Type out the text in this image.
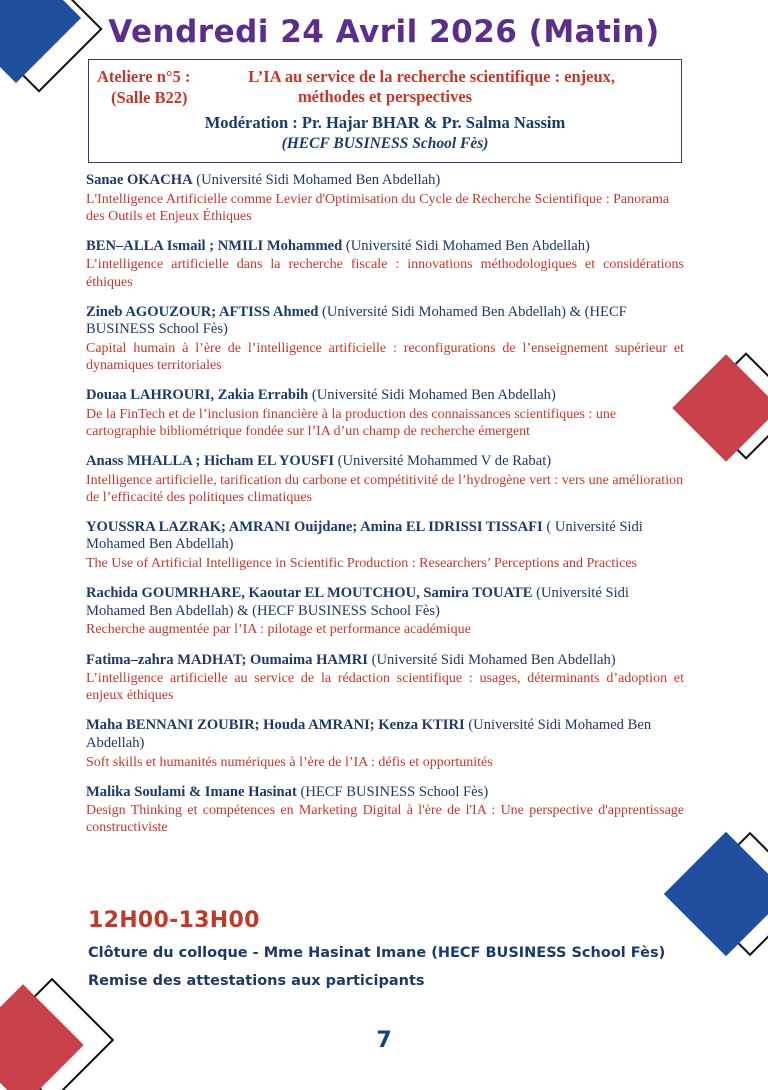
Vendredi 24 Avril 2026 (Matin)
Ateliere n°5 :	L’IA au service de la recherche scientifique : enjeux,
méthodes et perspectives
(Salle B22)
Modération : Pr. Hajar BHAR & Pr. Salma Nassim
(HECF BUSINESS School Fès)
Sanae OKACHA (Université Sidi Mohamed Ben Abdellah)
L'Intelligence Artificielle comme Levier d'Optimisation du Cycle de Recherche Scientifique : Panorama des Outils et Enjeux Éthiques
BEN–ALLA Ismail ; NMILI Mohammed (Université Sidi Mohamed Ben Abdellah)
L’intelligence artificielle dans la recherche fiscale : innovations méthodologiques et considérations éthiques
Zineb AGOUZOUR; AFTISS Ahmed (Université Sidi Mohamed Ben Abdellah) & (HECF BUSINESS School Fès)
Capital humain à l’ère de l’intelligence artificielle : reconfigurations de l’enseignement supérieur et dynamiques territoriales
Douaa LAHROURI, Zakia Errabih (Université Sidi Mohamed Ben Abdellah)
De la FinTech et de l’inclusion financière à la production des connaissances scientifiques : une cartographie bibliométrique fondée sur l’IA d’un champ de recherche émergent
Anass MHALLA ; Hicham EL YOUSFI (Université Mohammed V de Rabat)
Intelligence artificielle, tarification du carbone et compétitivité de l’hydrogène vert : vers une amélioration de l’efficacité des politiques climatiques
YOUSSRA LAZRAK; AMRANI Ouijdane; Amina EL IDRISSI TISSAFI ( Université Sidi Mohamed Ben Abdellah)
The Use of Artificial Intelligence in Scientific Production : Researchers’ Perceptions and Practices
Rachida GOUMRHARE, Kaoutar EL MOUTCHOU, Samira TOUATE (Université Sidi Mohamed Ben Abdellah) & (HECF BUSINESS School Fès)
Recherche augmentée par l’IA : pilotage et performance académique
Fatima–zahra MADHAT; Oumaima HAMRI (Université Sidi Mohamed Ben Abdellah)
L’intelligence artificielle au service de la rédaction scientifique : usages, déterminants d’adoption et enjeux éthiques
Maha BENNANI ZOUBIR; Houda AMRANI; Kenza KTIRI (Université Sidi Mohamed Ben Abdellah)
Soft skills et humanités numériques à l’ère de l’IA : défis et opportunités
Malika Soulami & Imane Hasinat (HECF BUSINESS School Fès)
Design Thinking et compétences en Marketing Digital à l'ère de l'IA : Une perspective d'apprentissage constructiviste
12H00-13H00
Clôture du colloque - Mme Hasinat Imane (HECF BUSINESS School Fès)
Remise des attestations aux participants
7
